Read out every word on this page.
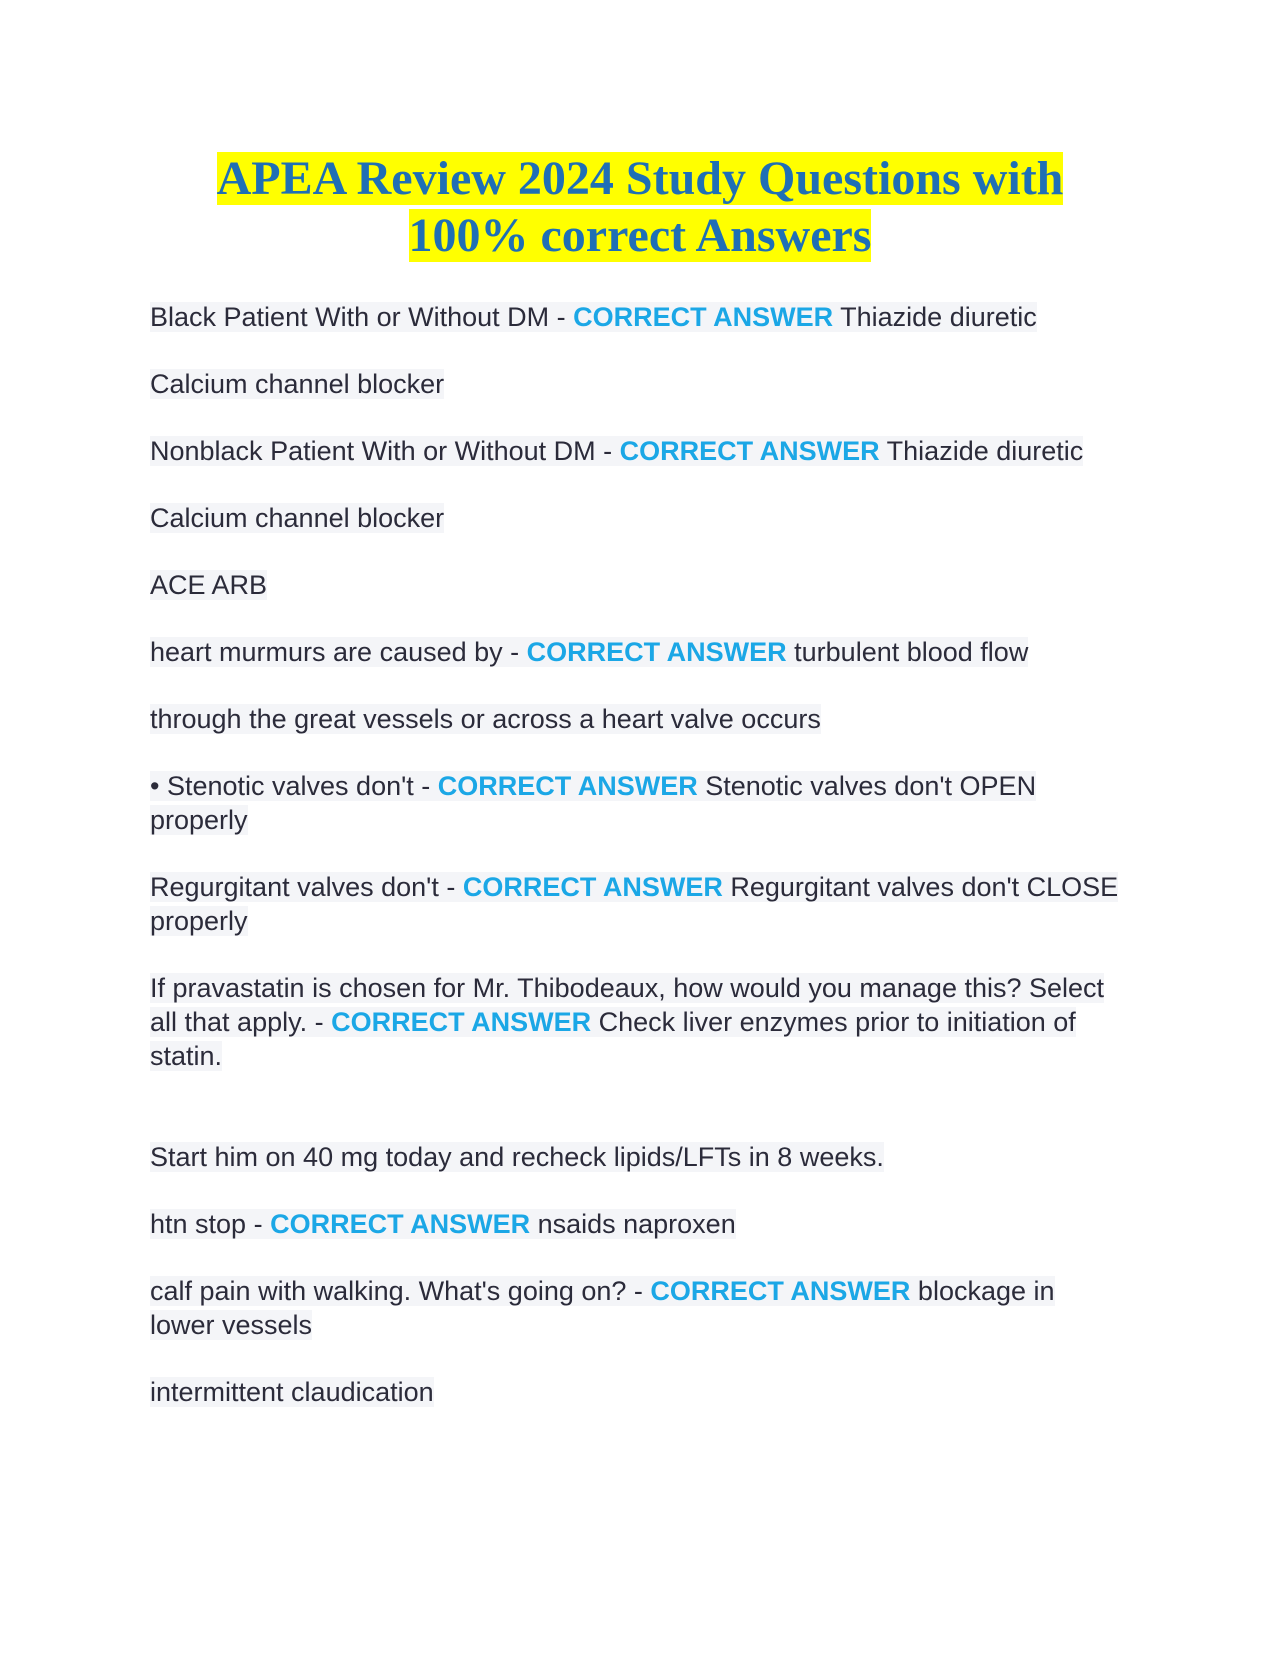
APEA Review 2024 Study Questions with
100% correct Answers

Black Patient With or Without DM - CORRECT ANSWER Thiazide diuretic

Calcium channel blocker

Nonblack Patient With or Without DM - CORRECT ANSWER Thiazide diuretic

Calcium channel blocker

ACE ARB

heart murmurs are caused by - CORRECT ANSWER turbulent blood flow

through the great vessels or across a heart valve occurs

• Stenotic valves don't - CORRECT ANSWER Stenotic valves don't OPEN properly

Regurgitant valves don't - CORRECT ANSWER Regurgitant valves don't CLOSE properly

If pravastatin is chosen for Mr. Thibodeaux, how would you manage this? Select all that apply. - CORRECT ANSWER Check liver enzymes prior to initiation of statin.

Start him on 40 mg today and recheck lipids/LFTs in 8 weeks.

htn stop - CORRECT ANSWER nsaids naproxen

calf pain with walking. What's going on? - CORRECT ANSWER blockage in lower vessels

intermittent claudication
